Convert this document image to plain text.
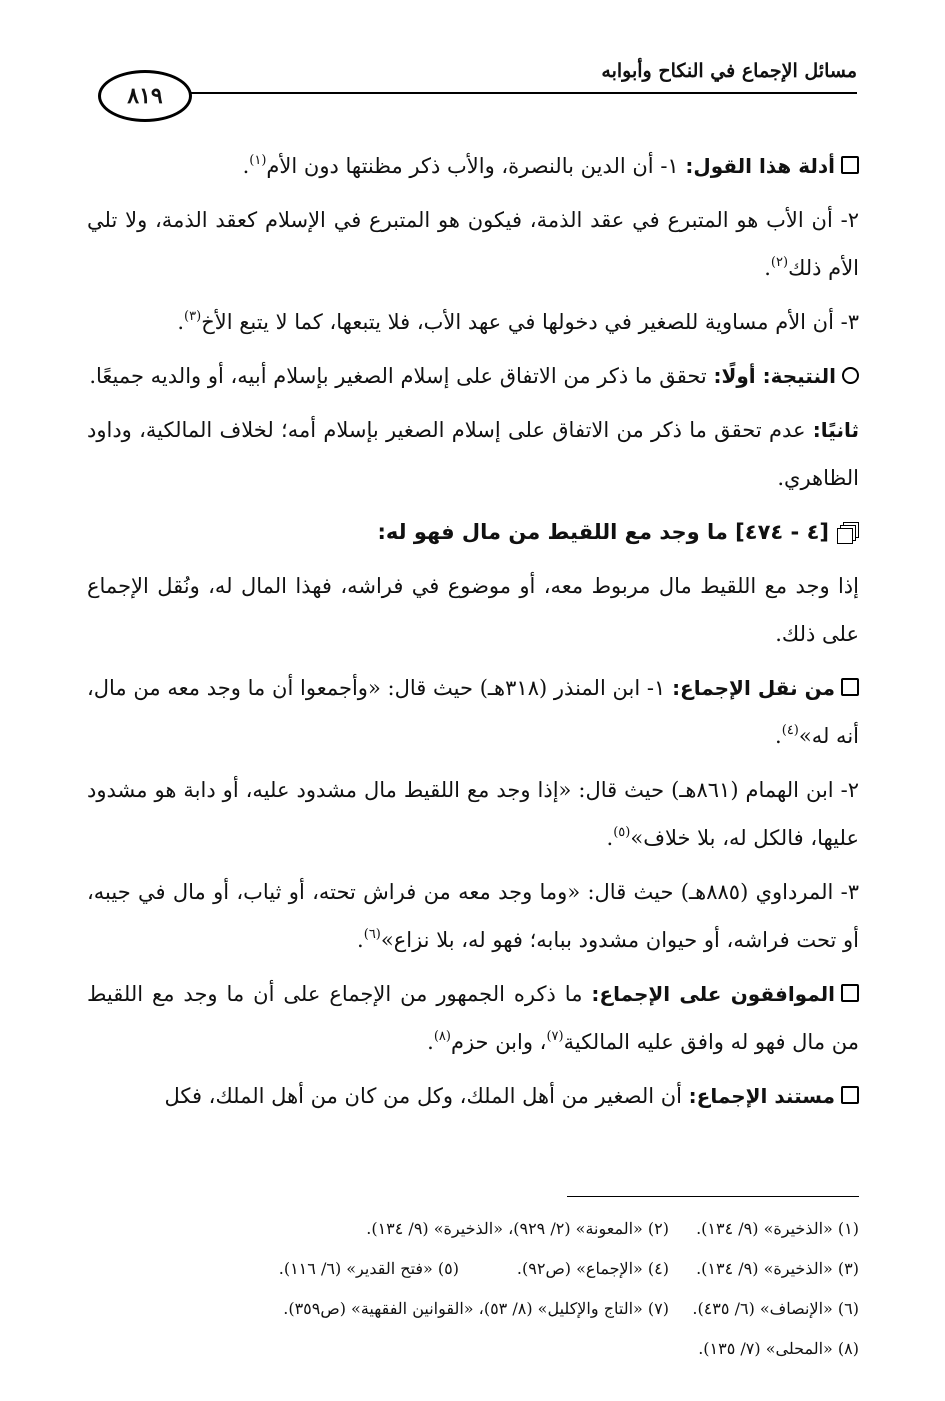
مسائل الإجماع في النكاح وأبوابه
٨١٩

أدلة هذا القول: ١- أن الدين بالنصرة، والأب ذكر مظنتها دون الأم$^{(١)}$.

٢- أن الأب هو المتبرع في عقد الذمة، فيكون هو المتبرع في الإسلام كعقد الذمة، ولا تلي الأم ذلك$^{(٢)}$.

٣- أن الأم مساوية للصغير في دخولها في عهد الأب، فلا يتبعها، كما لا يتبع الأخ$^{(٣)}$.

النتيجة: أولًا: تحقق ما ذكر من الاتفاق على إسلام الصغير بإسلام أبيه، أو والديه جميعًا.

ثانيًا: عدم تحقق ما ذكر من الاتفاق على إسلام الصغير بإسلام أمه؛ لخلاف المالكية، وداود الظاهري.

[٤ - ٤٧٤] ما وجد مع اللقيط من مال فهو له:

إذا وجد مع اللقيط مال مربوط معه، أو موضوع في فراشه، فهذا المال له، ونُقل الإجماع على ذلك.

من نقل الإجماع: ١- ابن المنذر (٣١٨هـ) حيث قال: «وأجمعوا أن ما وجد معه من مال، أنه له»$^{(٤)}$.

٢- ابن الهمام (٨٦١هـ) حيث قال: «إذا وجد مع اللقيط مال مشدود عليه، أو دابة هو مشدود عليها، فالكل له، بلا خلاف»$^{(٥)}$.

٣- المرداوي (٨٨٥هـ) حيث قال: «وما وجد معه من فراش تحته، أو ثياب، أو مال في جيبه، أو تحت فراشه، أو حيوان مشدود ببابه؛ فهو له، بلا نزاع»$^{(٦)}$.

الموافقون على الإجماع: ما ذكره الجمهور من الإجماع على أن ما وجد مع اللقيط من مال فهو له وافق عليه المالكية$^{(٧)}$، وابن حزم$^{(٨)}$.

مستند الإجماع: أن الصغير من أهل الملك، وكل من كان من أهل الملك، فكل

(١) «الذخيرة» (٩/ ١٣٤).
(٢) «المعونة» (٢/ ٩٢٩)، «الذخيرة» (٩/ ١٣٤).
(٣) «الذخيرة» (٩/ ١٣٤).
(٤) «الإجماع» (ص٩٢).
(٥) «فتح القدير» (٦/ ١١٦).
(٦) «الإنصاف» (٦/ ٤٣٥).
(٧) «التاج والإكليل» (٨/ ٥٣)، «القوانين الفقهية» (ص٣٥٩).
(٨) «المحلى» (٧/ ١٣٥).
